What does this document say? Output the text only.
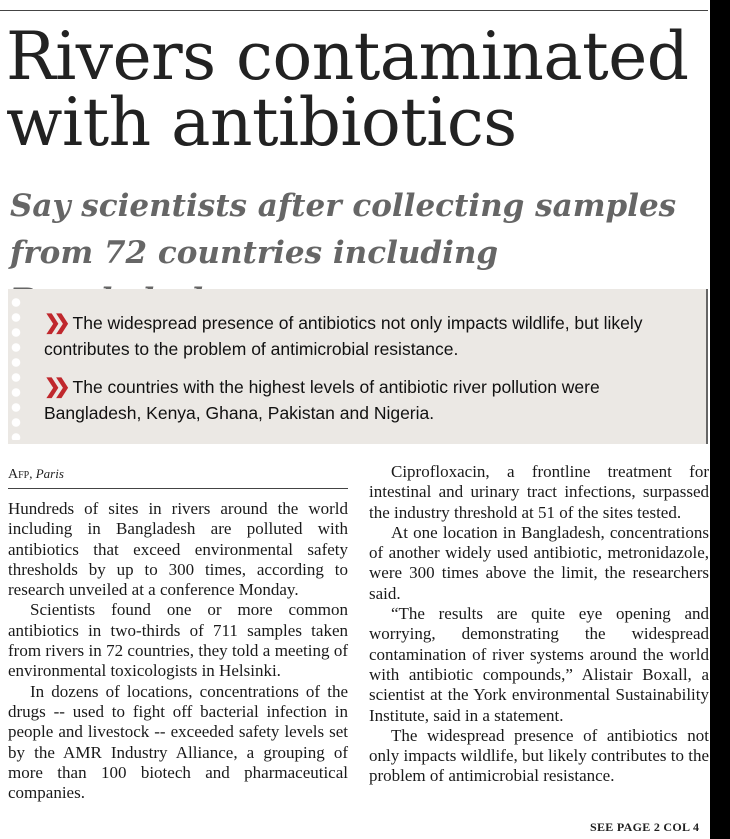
Rivers contaminated with antibiotics
Say scientists after collecting samples from 72 countries including

❯❯ The widespread presence of antibiotics not only impacts wildlife, but likely contributes to the problem of antimicrobial resistance.

❯❯ The countries with the highest levels of antibiotic river pollution were Bangladesh, Kenya, Ghana, Pakistan and Nigeria.

Afp, Paris

Hundreds of sites in rivers around the world including in Bangladesh are polluted with antibiotics that exceed environmental safety thresholds by up to 300 times, according to research unveiled at a conference Monday.

Scientists found one or more common antibiotics in two-thirds of 711 samples taken from rivers in 72 countries, they told a meeting of environmental toxicologists in Helsinki.

In dozens of locations, concentrations of the drugs -- used to fight off bacterial infection in people and livestock -- exceeded safety levels set by the AMR Industry Alliance, a grouping of more than 100 biotech and pharmaceutical companies.

Ciprofloxacin, a frontline treatment for intestinal and urinary tract infections, surpassed the industry threshold at 51 of the sites tested.

At one location in Bangladesh, concentrations of another widely used antibiotic, metronidazole, were 300 times above the limit, the researchers said.

“The results are quite eye opening and worrying, demonstrating the widespread contamination of river systems around the world with antibiotic compounds,” Alistair Boxall, a scientist at the York environmental Sustainability Institute, said in a statement.

The widespread presence of antibiotics not only impacts wildlife, but likely contributes to the problem of antimicrobial resistance.

SEE PAGE 2 COL 4
